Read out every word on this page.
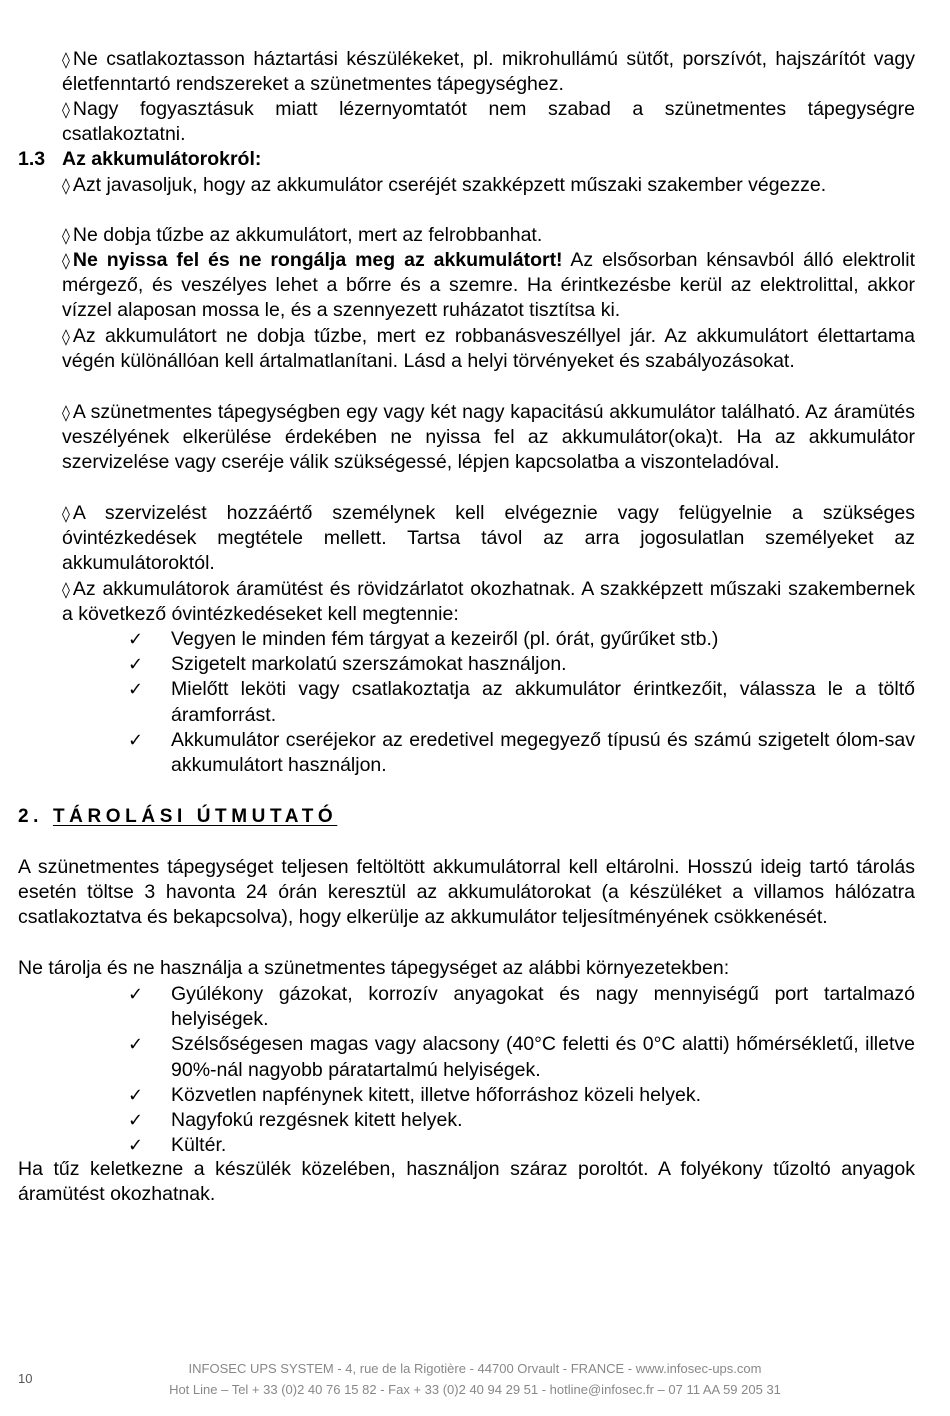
◊ Ne csatlakoztasson háztartási készülékeket, pl. mikrohullámú sütőt, porszívót, hajszárítót vagy életfenntartó rendszereket a szünetmentes tápegységhez.

◊ Nagy fogyasztásuk miatt lézernyomtatót nem szabad a szünetmentes tápegységre csatlakoztatni.

1.3 Az akkumulátorokról:

◊ Azt javasoljuk, hogy az akkumulátor cseréjét szakképzett műszaki szakember végezze.

◊ Ne dobja tűzbe az akkumulátort, mert az felrobbanhat.

◊ Ne nyissa fel és ne rongálja meg az akkumulátort! Az elsősorban kénsavból álló elektrolit mérgező, és veszélyes lehet a bőrre és a szemre. Ha érintkezésbe kerül az elektrolittal, akkor vízzel alaposan mossa le, és a szennyezett ruházatot tisztítsa ki.

◊ Az akkumulátort ne dobja tűzbe, mert ez robbanásveszéllyel jár. Az akkumulátort élettartama végén különállóan kell ártalmatlanítani. Lásd a helyi törvényeket és szabályozásokat.

◊ A szünetmentes tápegységben egy vagy két nagy kapacitású akkumulátor található. Az áramütés veszélyének elkerülése érdekében ne nyissa fel az akkumulátor(oka)t. Ha az akkumulátor szervizelése vagy cseréje válik szükségessé, lépjen kapcsolatba a viszonteladóval.

◊ A szervizelést hozzáértő személynek kell elvégeznie vagy felügyelnie a szükséges óvintézkedések megtétele mellett. Tartsa távol az arra jogosulatlan személyeket az akkumulátoroktól.

◊ Az akkumulátorok áramütést és rövidzárlatot okozhatnak. A szakképzett műszaki szakembernek a következő óvintézkedéseket kell megtennie:

✓ Vegyen le minden fém tárgyat a kezeiről (pl. órát, gyűrűket stb.)
✓ Szigetelt markolatú szerszámokat használjon.
✓ Mielőtt leköti vagy csatlakoztatja az akkumulátor érintkezőit, válassza le a töltő áramforrást.
✓ Akkumulátor cseréjekor az eredetivel megegyező típusú és számú szigetelt ólom-sav akkumulátort használjon.
2. TÁROLÁSI ÚTMUTATÓ

A szünetmentes tápegységet teljesen feltöltött akkumulátorral kell eltárolni. Hosszú ideig tartó tárolás esetén töltse 3 havonta 24 órán keresztül az akkumulátorokat (a készüléket a villamos hálózatra csatlakoztatva és bekapcsolva), hogy elkerülje az akkumulátor teljesítményének csökkenését.

Ne tárolja és ne használja a szünetmentes tápegységet az alábbi környezetekben:

✓ Gyúlékony gázokat, korrozív anyagokat és nagy mennyiségű port tartalmazó helyiségek.
✓ Szélsőségesen magas vagy alacsony (40°C feletti és 0°C alatti) hőmérsékletű, illetve 90%-nál nagyobb páratartalmú helyiségek.
✓ Közvetlen napfénynek kitett, illetve hőforráshoz közeli helyek.
✓ Nagyfokú rezgésnek kitett helyek.
✓ Kültér.

Ha tűz keletkezne a készülék közelében, használjon száraz poroltót. A folyékony tűzoltó anyagok áramütést okozhatnak.

10
INFOSEC UPS SYSTEM - 4, rue de la Rigotière - 44700 Orvault - FRANCE - www.infosec-ups.com
Hot Line – Tel + 33 (0)2 40 76 15 82 - Fax + 33 (0)2 40 94 29 51 - hotline@infosec.fr – 07 11 AA 59 205 31
